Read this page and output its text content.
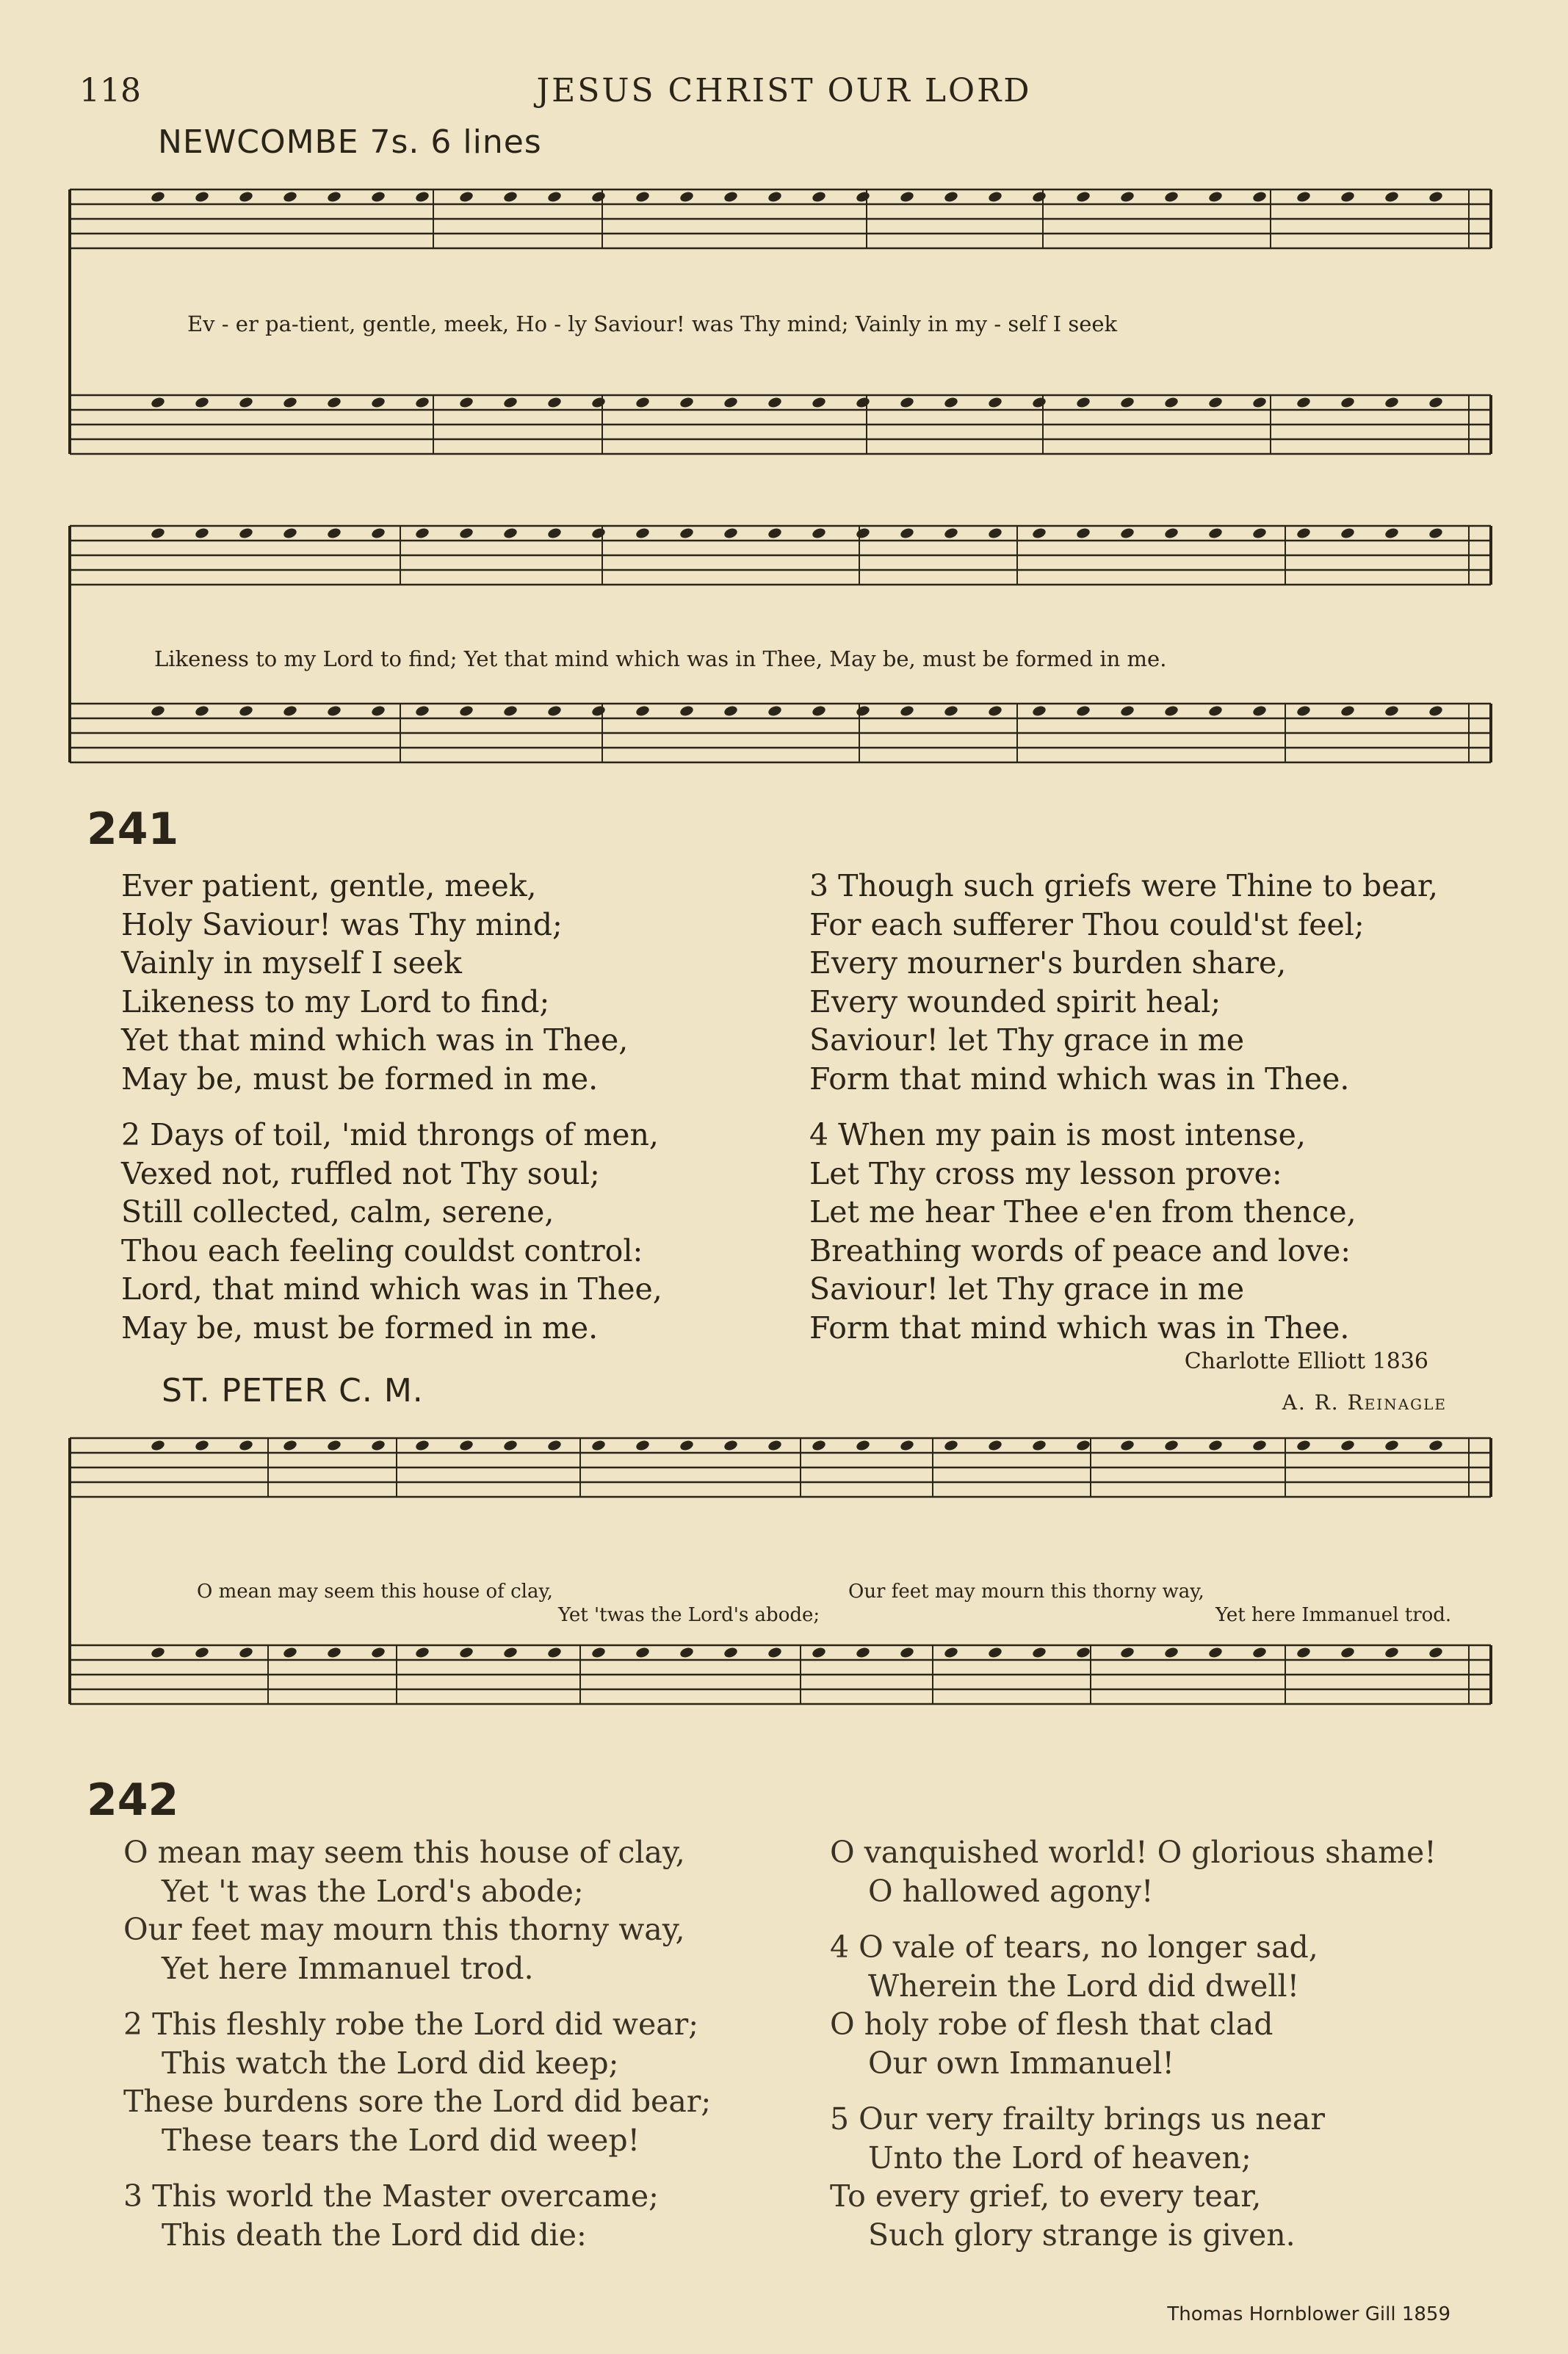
118	JESUS CHRIST OUR LORD
NEWCOMBE 7s. 6 lines
Ev - er pa-tient, gentle, meek, Ho - ly Saviour! was Thy mind; Vainly in my - self I seek
Likeness to my Lord to find; Yet that mind which was in Thee, May be, must be formed in me.
241
Ever patient, gentle, meek,
Holy Saviour! was Thy mind;
Vainly in myself I seek
Likeness to my Lord to find;
Yet that mind which was in Thee,
May be, must be formed in me.
2 Days of toil, 'mid throngs of men,
Vexed not, ruffled not Thy soul;
Still collected, calm, serene,
Thou each feeling couldst control:
Lord, that mind which was in Thee,
May be, must be formed in me.
3 Though such griefs were Thine to bear,
For each sufferer Thou could'st feel;
Every mourner's burden share,
Every wounded spirit heal;
Saviour! let Thy grace in me
Form that mind which was in Thee.
4 When my pain is most intense,
Let Thy cross my lesson prove:
Let me hear Thee e'en from thence,
Breathing words of peace and love:
Saviour! let Thy grace in me
Form that mind which was in Thee.
Charlotte Elliott 1836
ST. PETER C. M.	A. R. Reinagle
O mean may seem this house of clay,
Yet 'twas the Lord's abode;
Our feet may mourn this thorny way,
Yet here Immanuel trod.
242
O mean may seem this house of clay,
Yet 't was the Lord's abode;
Our feet may mourn this thorny way,
Yet here Immanuel trod.
2 This fleshly robe the Lord did wear;
This watch the Lord did keep;
These burdens sore the Lord did bear;
These tears the Lord did weep!
3 This world the Master overcame;
This death the Lord did die:
O vanquished world! O glorious shame!
O hallowed agony!
4 O vale of tears, no longer sad,
Wherein the Lord did dwell!
O holy robe of flesh that clad
Our own Immanuel!
5 Our very frailty brings us near
Unto the Lord of heaven;
To every grief, to every tear,
Such glory strange is given.
Thomas Hornblower Gill 1859
